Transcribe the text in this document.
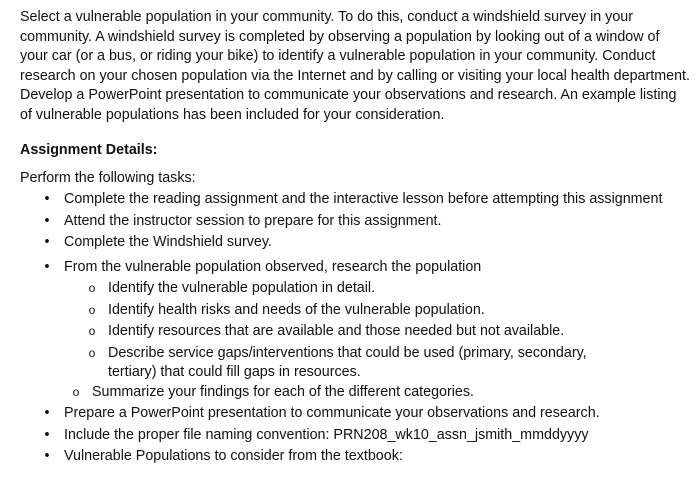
Select a vulnerable population in your community. To do this, conduct a windshield survey in your community. A windshield survey is completed by observing a population by looking out of a window of your car (or a bus, or riding your bike) to identify a vulnerable population in your community. Conduct research on your chosen population via the Internet and by calling or visiting your local health department. Develop a PowerPoint presentation to communicate your observations and research. An example listing of vulnerable populations has been included for your consideration.

Assignment Details:
Perform the following tasks:
•	Complete the reading assignment and the interactive lesson before attempting this assignment
•	Attend the instructor session to prepare for this assignment.
•	Complete the Windshield survey.
•	From the vulnerable population observed, research the population
o Identify the vulnerable population in detail.
o Identify health risks and needs of the vulnerable population.
o Identify resources that are available and those needed but not available.
o Describe service gaps/interventions that could be used (primary, secondary, tertiary) that could fill gaps in resources.
o Summarize your findings for each of the different categories.
•	Prepare a PowerPoint presentation to communicate your observations and research.
•	Include the proper file naming convention: PRN208_wk10_assn_jsmith_mmddyyyy
•	Vulnerable Populations to consider from the textbook:
